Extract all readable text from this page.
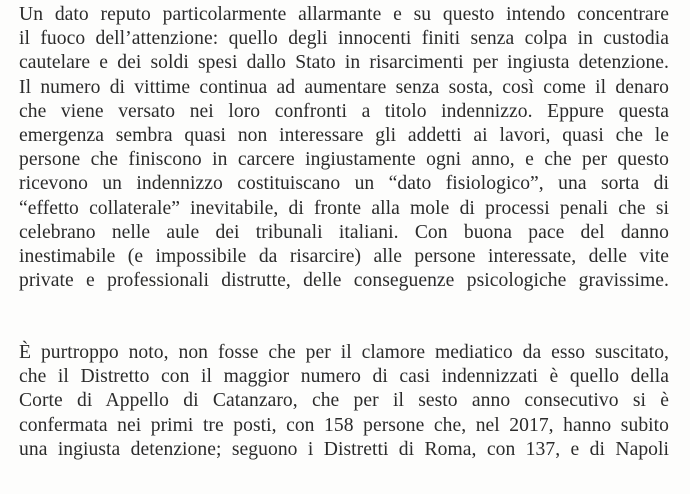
Un dato reputo particolarmente allarmante e su questo intendo concentrare
il fuoco dell’attenzione: quello degli innocenti finiti senza colpa in custodia
cautelare e dei soldi spesi dallo Stato in risarcimenti per ingiusta detenzione.
Il numero di vittime continua ad aumentare senza sosta, così come il denaro
che viene versato nei loro confronti a titolo indennizzo. Eppure questa
emergenza sembra quasi non interessare gli addetti ai lavori, quasi che le
persone che finiscono in carcere ingiustamente ogni anno, e che per questo
ricevono un indennizzo costituiscano un “dato fisiologico”, una sorta di
“effetto collaterale” inevitabile, di fronte alla mole di processi penali che si
celebrano nelle aule dei tribunali italiani. Con buona pace del danno
inestimabile (e impossibile da risarcire) alle persone interessate, delle vite
private e professionali distrutte, delle conseguenze psicologiche gravissime.
È purtroppo noto, non fosse che per il clamore mediatico da esso suscitato,
che il Distretto con il maggior numero di casi indennizzati è quello della
Corte di Appello di Catanzaro, che per il sesto anno consecutivo si è
confermata nei primi tre posti, con 158 persone che, nel 2017, hanno subito
una ingiusta detenzione; seguono i Distretti di Roma, con 137, e di Napoli
